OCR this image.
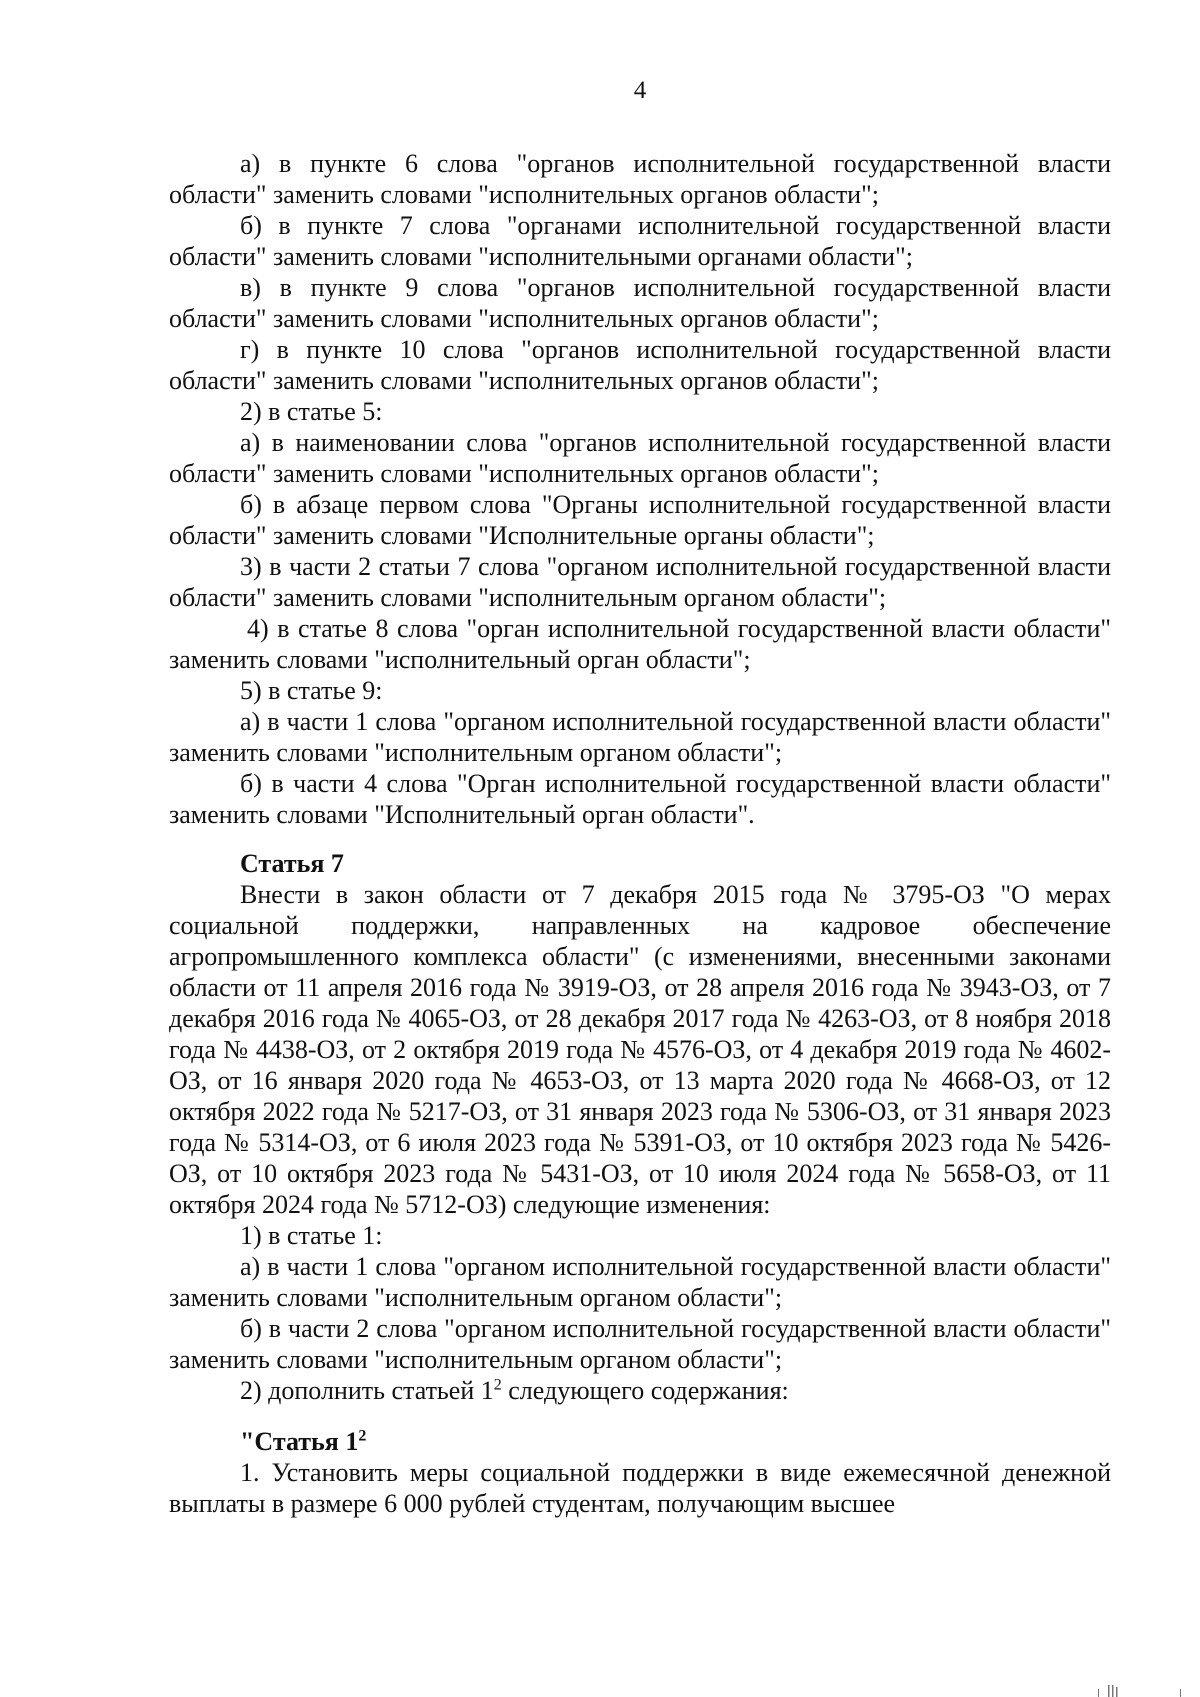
4

а) в пункте 6 слова "органов исполнительной государственной власти области" заменить словами "исполнительных органов области";

б) в пункте 7 слова "органами исполнительной государственной власти области" заменить словами "исполнительными органами области";

в) в пункте 9 слова "органов исполнительной государственной власти области" заменить словами "исполнительных органов области";

г) в пункте 10 слова "органов исполнительной государственной власти области" заменить словами "исполнительных органов области";

2) в статье 5:

а) в наименовании слова "органов исполнительной государственной власти области" заменить словами "исполнительных органов области";

б) в абзаце первом слова "Органы исполнительной государственной власти области" заменить словами "Исполнительные органы области";

3) в части 2 статьи 7 слова "органом исполнительной государственной власти области" заменить словами "исполнительным органом области";

4) в статье 8 слова "орган исполнительной государственной власти области" заменить словами "исполнительный орган области";

5) в статье 9:

а) в части 1 слова "органом исполнительной государственной власти области" заменить словами "исполнительным органом области";

б) в части 4 слова "Орган исполнительной государственной власти области" заменить словами "Исполнительный орган области".

Статья 7

Внести в закон области от 7 декабря 2015 года № 3795-ОЗ "О мерах социальной поддержки, направленных на кадровое обеспечение агропромышленного комплекса области" (с изменениями, внесенными законами области от 11 апреля 2016 года № 3919-ОЗ, от 28 апреля 2016 года № 3943-ОЗ, от 7 декабря 2016 года № 4065-ОЗ, от 28 декабря 2017 года № 4263-ОЗ, от 8 ноября 2018 года № 4438-ОЗ, от 2 октября 2019 года № 4576-ОЗ, от 4 декабря 2019 года № 4602-ОЗ, от 16 января 2020 года № 4653-ОЗ, от 13 марта 2020 года № 4668-ОЗ, от 12 октября 2022 года № 5217-ОЗ, от 31 января 2023 года № 5306-ОЗ, от 31 января 2023 года № 5314-ОЗ, от 6 июля 2023 года № 5391-ОЗ, от 10 октября 2023 года № 5426-ОЗ, от 10 октября 2023 года № 5431-ОЗ, от 10 июля 2024 года № 5658-ОЗ, от 11 октября 2024 года № 5712-ОЗ) следующие изменения:

1) в статье 1:

а) в части 1 слова "органом исполнительной государственной власти области" заменить словами "исполнительным органом области";

б) в части 2 слова "органом исполнительной государственной власти области" заменить словами "исполнительным органом области";

2) дополнить статьей $1^2$ следующего содержания:

"Статья $1^2$

1. Установить меры социальной поддержки в виде ежемесячной денежной выплаты в размере 6 000 рублей студентам, получающим высшее
